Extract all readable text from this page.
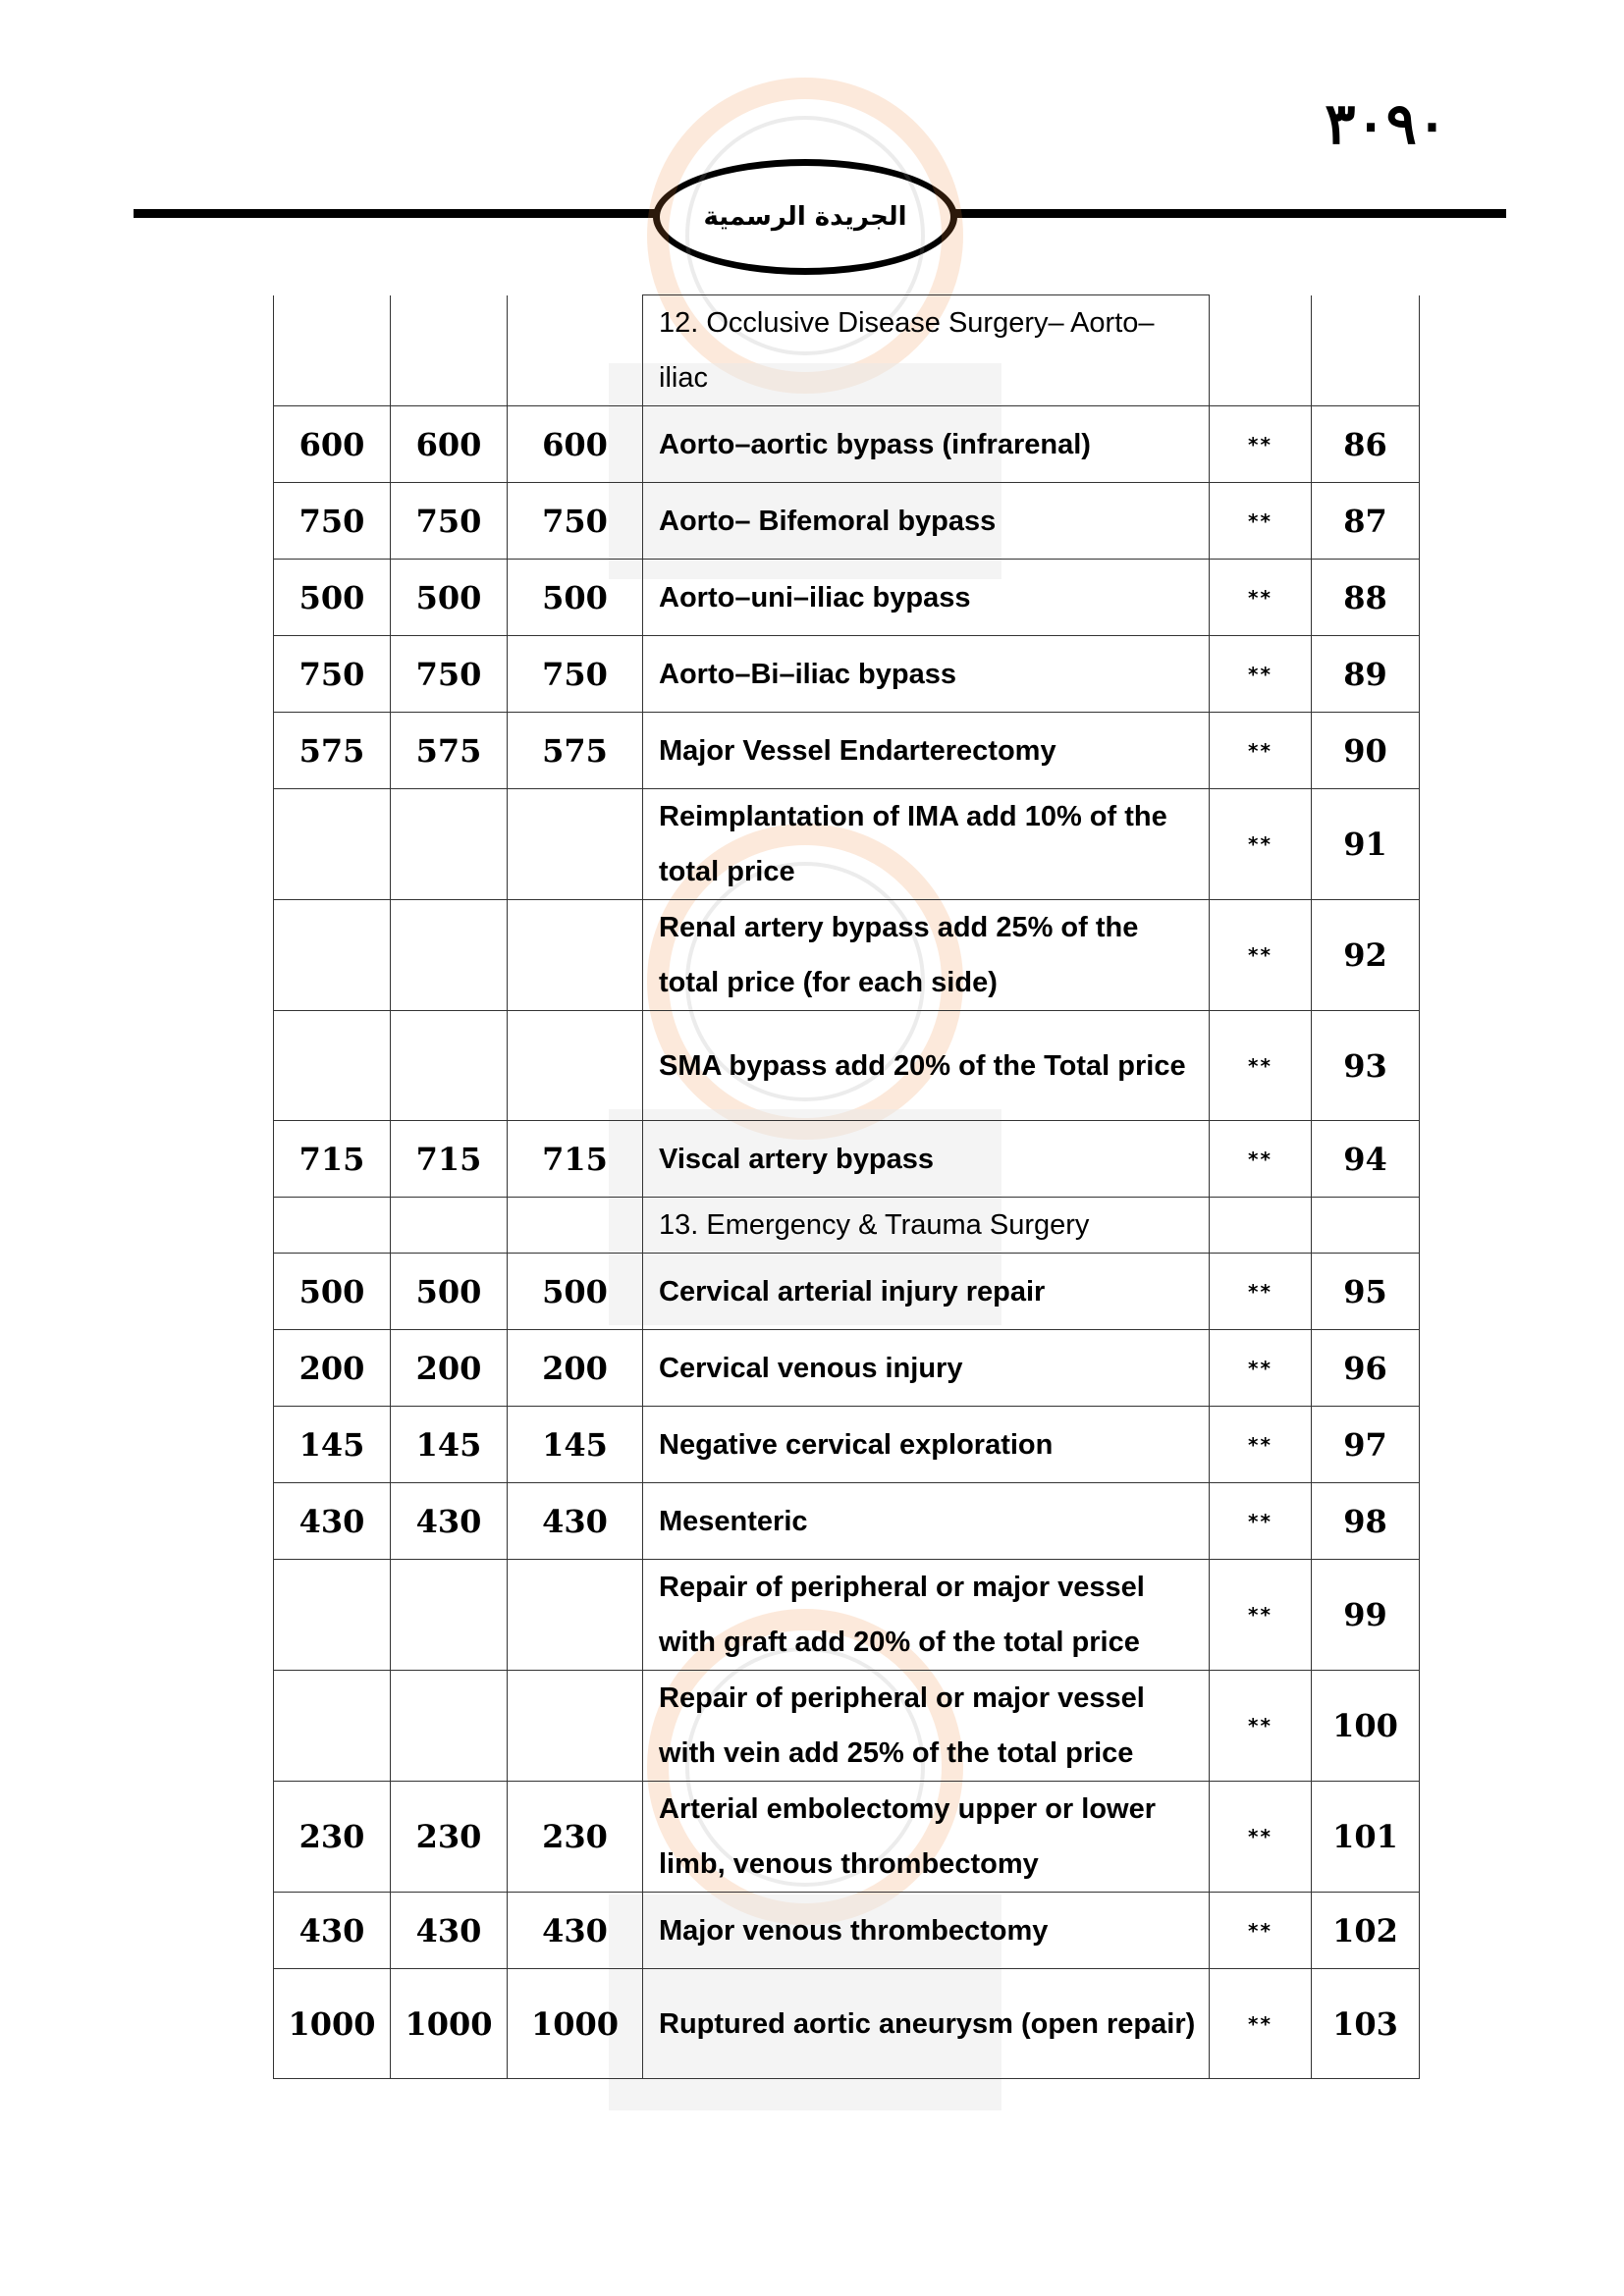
٣٠٩٠
الجريدة الرسمية
			12. Occlusive Disease Surgery– Aorto–iliac		
600	600	600	Aorto–aortic bypass (infrarenal)	**	86
750	750	750	Aorto– Bifemoral bypass	**	87
500	500	500	Aorto–uni–iliac bypass	**	88
750	750	750	Aorto–Bi–iliac bypass	**	89
575	575	575	Major Vessel Endarterectomy	**	90
			Reimplantation of IMA add 10% of the total price	**	91
			Renal artery bypass add 25% of the total price (for each side)	**	92
			SMA bypass add 20% of the Total price	**	93
715	715	715	Viscal artery bypass	**	94
			13. Emergency & Trauma Surgery		
500	500	500	Cervical arterial injury repair	**	95
200	200	200	Cervical venous injury	**	96
145	145	145	Negative cervical exploration	**	97
430	430	430	Mesenteric	**	98
			Repair of peripheral or major vessel with graft add 20% of the total price	**	99
			Repair of peripheral or major vessel with vein add 25% of the total price	**	100
230	230	230	Arterial embolectomy upper or lower limb, venous thrombectomy	**	101
430	430	430	Major venous thrombectomy	**	102
1000	1000	1000	Ruptured aortic aneurysm (open repair)	**	103
